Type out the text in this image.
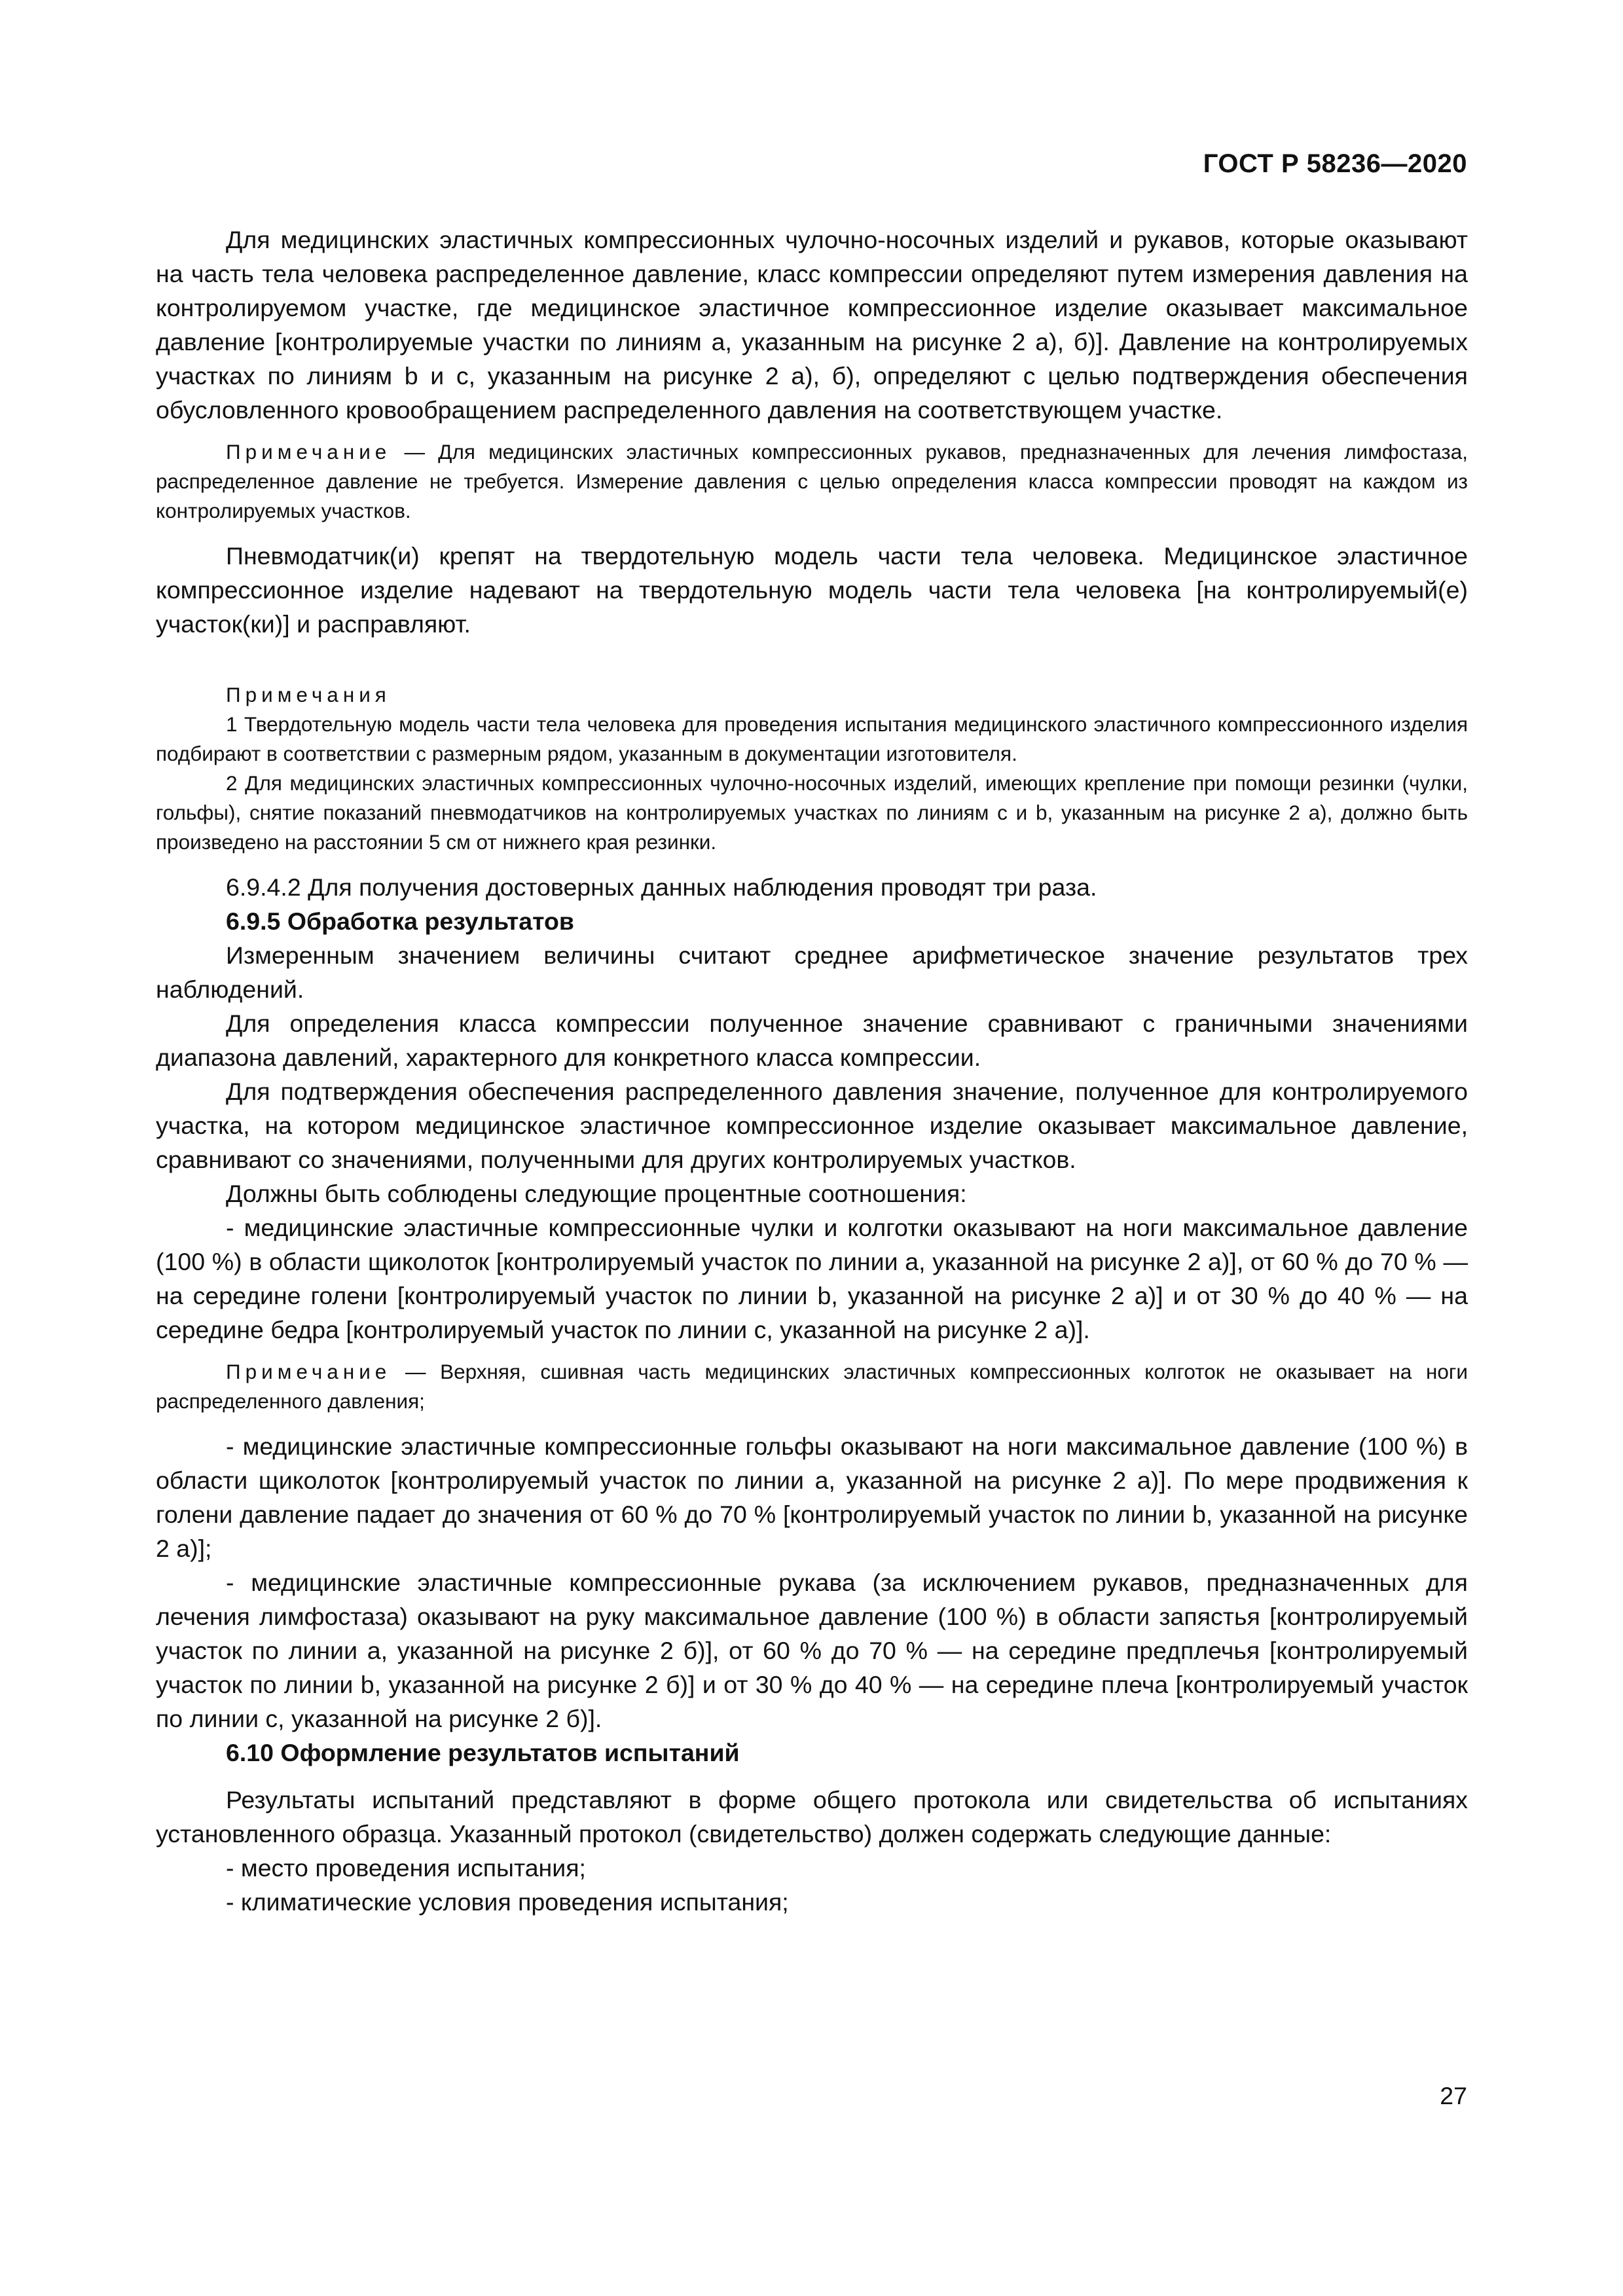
ГОСТ Р 58236—2020

Для медицинских эластичных компрессионных чулочно-носочных изделий и рукавов, которые оказывают на часть тела человека распределенное давление, класс компрессии определяют путем измерения давления на контролируемом участке, где медицинское эластичное компрессионное изделие оказывает максимальное давление [контролируемые участки по линиям а, указанным на рисунке 2 а), б)]. Давление на контролируемых участках по линиям b и с, указанным на рисунке 2 а), б), определяют с целью подтверждения обеспечения обусловленного кровообращением распределенного давления на соответствующем участке.

Примечание — Для медицинских эластичных компрессионных рукавов, предназначенных для лечения лимфостаза, распределенное давление не требуется. Измерение давления с целью определения класса компрессии проводят на каждом из контролируемых участков.

Пневмодатчик(и) крепят на твердотельную модель части тела человека. Медицинское эластичное компрессионное изделие надевают на твердотельную модель части тела человека [на контролируемый(е) участок(ки)] и расправляют.

Примечания

1 Твердотельную модель части тела человека для проведения испытания медицинского эластичного компрессионного изделия подбирают в соответствии с размерным рядом, указанным в документации изготовителя.

2 Для медицинских эластичных компрессионных чулочно-носочных изделий, имеющих крепление при помощи резинки (чулки, гольфы), снятие показаний пневмодатчиков на контролируемых участках по линиям с и b, указанным на рисунке 2 а), должно быть произведено на расстоянии 5 см от нижнего края резинки.

6.9.4.2 Для получения достоверных данных наблюдения проводят три раза.

6.9.5 Обработка результатов

Измеренным значением величины считают среднее арифметическое значение результатов трех наблюдений.

Для определения класса компрессии полученное значение сравнивают с граничными значениями диапазона давлений, характерного для конкретного класса компрессии.

Для подтверждения обеспечения распределенного давления значение, полученное для контролируемого участка, на котором медицинское эластичное компрессионное изделие оказывает максимальное давление, сравнивают со значениями, полученными для других контролируемых участков.

Должны быть соблюдены следующие процентные соотношения:

- медицинские эластичные компрессионные чулки и колготки оказывают на ноги максимальное давление (100 %) в области щиколоток [контролируемый участок по линии а, указанной на рисунке 2 а)], от 60 % до 70 % — на середине голени [контролируемый участок по линии b, указанной на рисунке 2 а)] и от 30 % до 40 % — на середине бедра [контролируемый участок по линии с, указанной на рисунке 2 а)].

Примечание — Верхняя, сшивная часть медицинских эластичных компрессионных колготок не оказывает на ноги распределенного давления;

- медицинские эластичные компрессионные гольфы оказывают на ноги максимальное давление (100 %) в области щиколоток [контролируемый участок по линии а, указанной на рисунке 2 а)]. По мере продвижения к голени давление падает до значения от 60 % до 70 % [контролируемый участок по линии b, указанной на рисунке 2 а)];

- медицинские эластичные компрессионные рукава (за исключением рукавов, предназначенных для лечения лимфостаза) оказывают на руку максимальное давление (100 %) в области запястья [контролируемый участок по линии а, указанной на рисунке 2 б)], от 60 % до 70 % — на середине предплечья [контролируемый участок по линии b, указанной на рисунке 2 б)] и от 30 % до 40 % — на середине плеча [контролируемый участок по линии с, указанной на рисунке 2 б)].

6.10 Оформление результатов испытаний

Результаты испытаний представляют в форме общего протокола или свидетельства об испытаниях установленного образца. Указанный протокол (свидетельство) должен содержать следующие данные:

- место проведения испытания;

- климатические условия проведения испытания;

27
